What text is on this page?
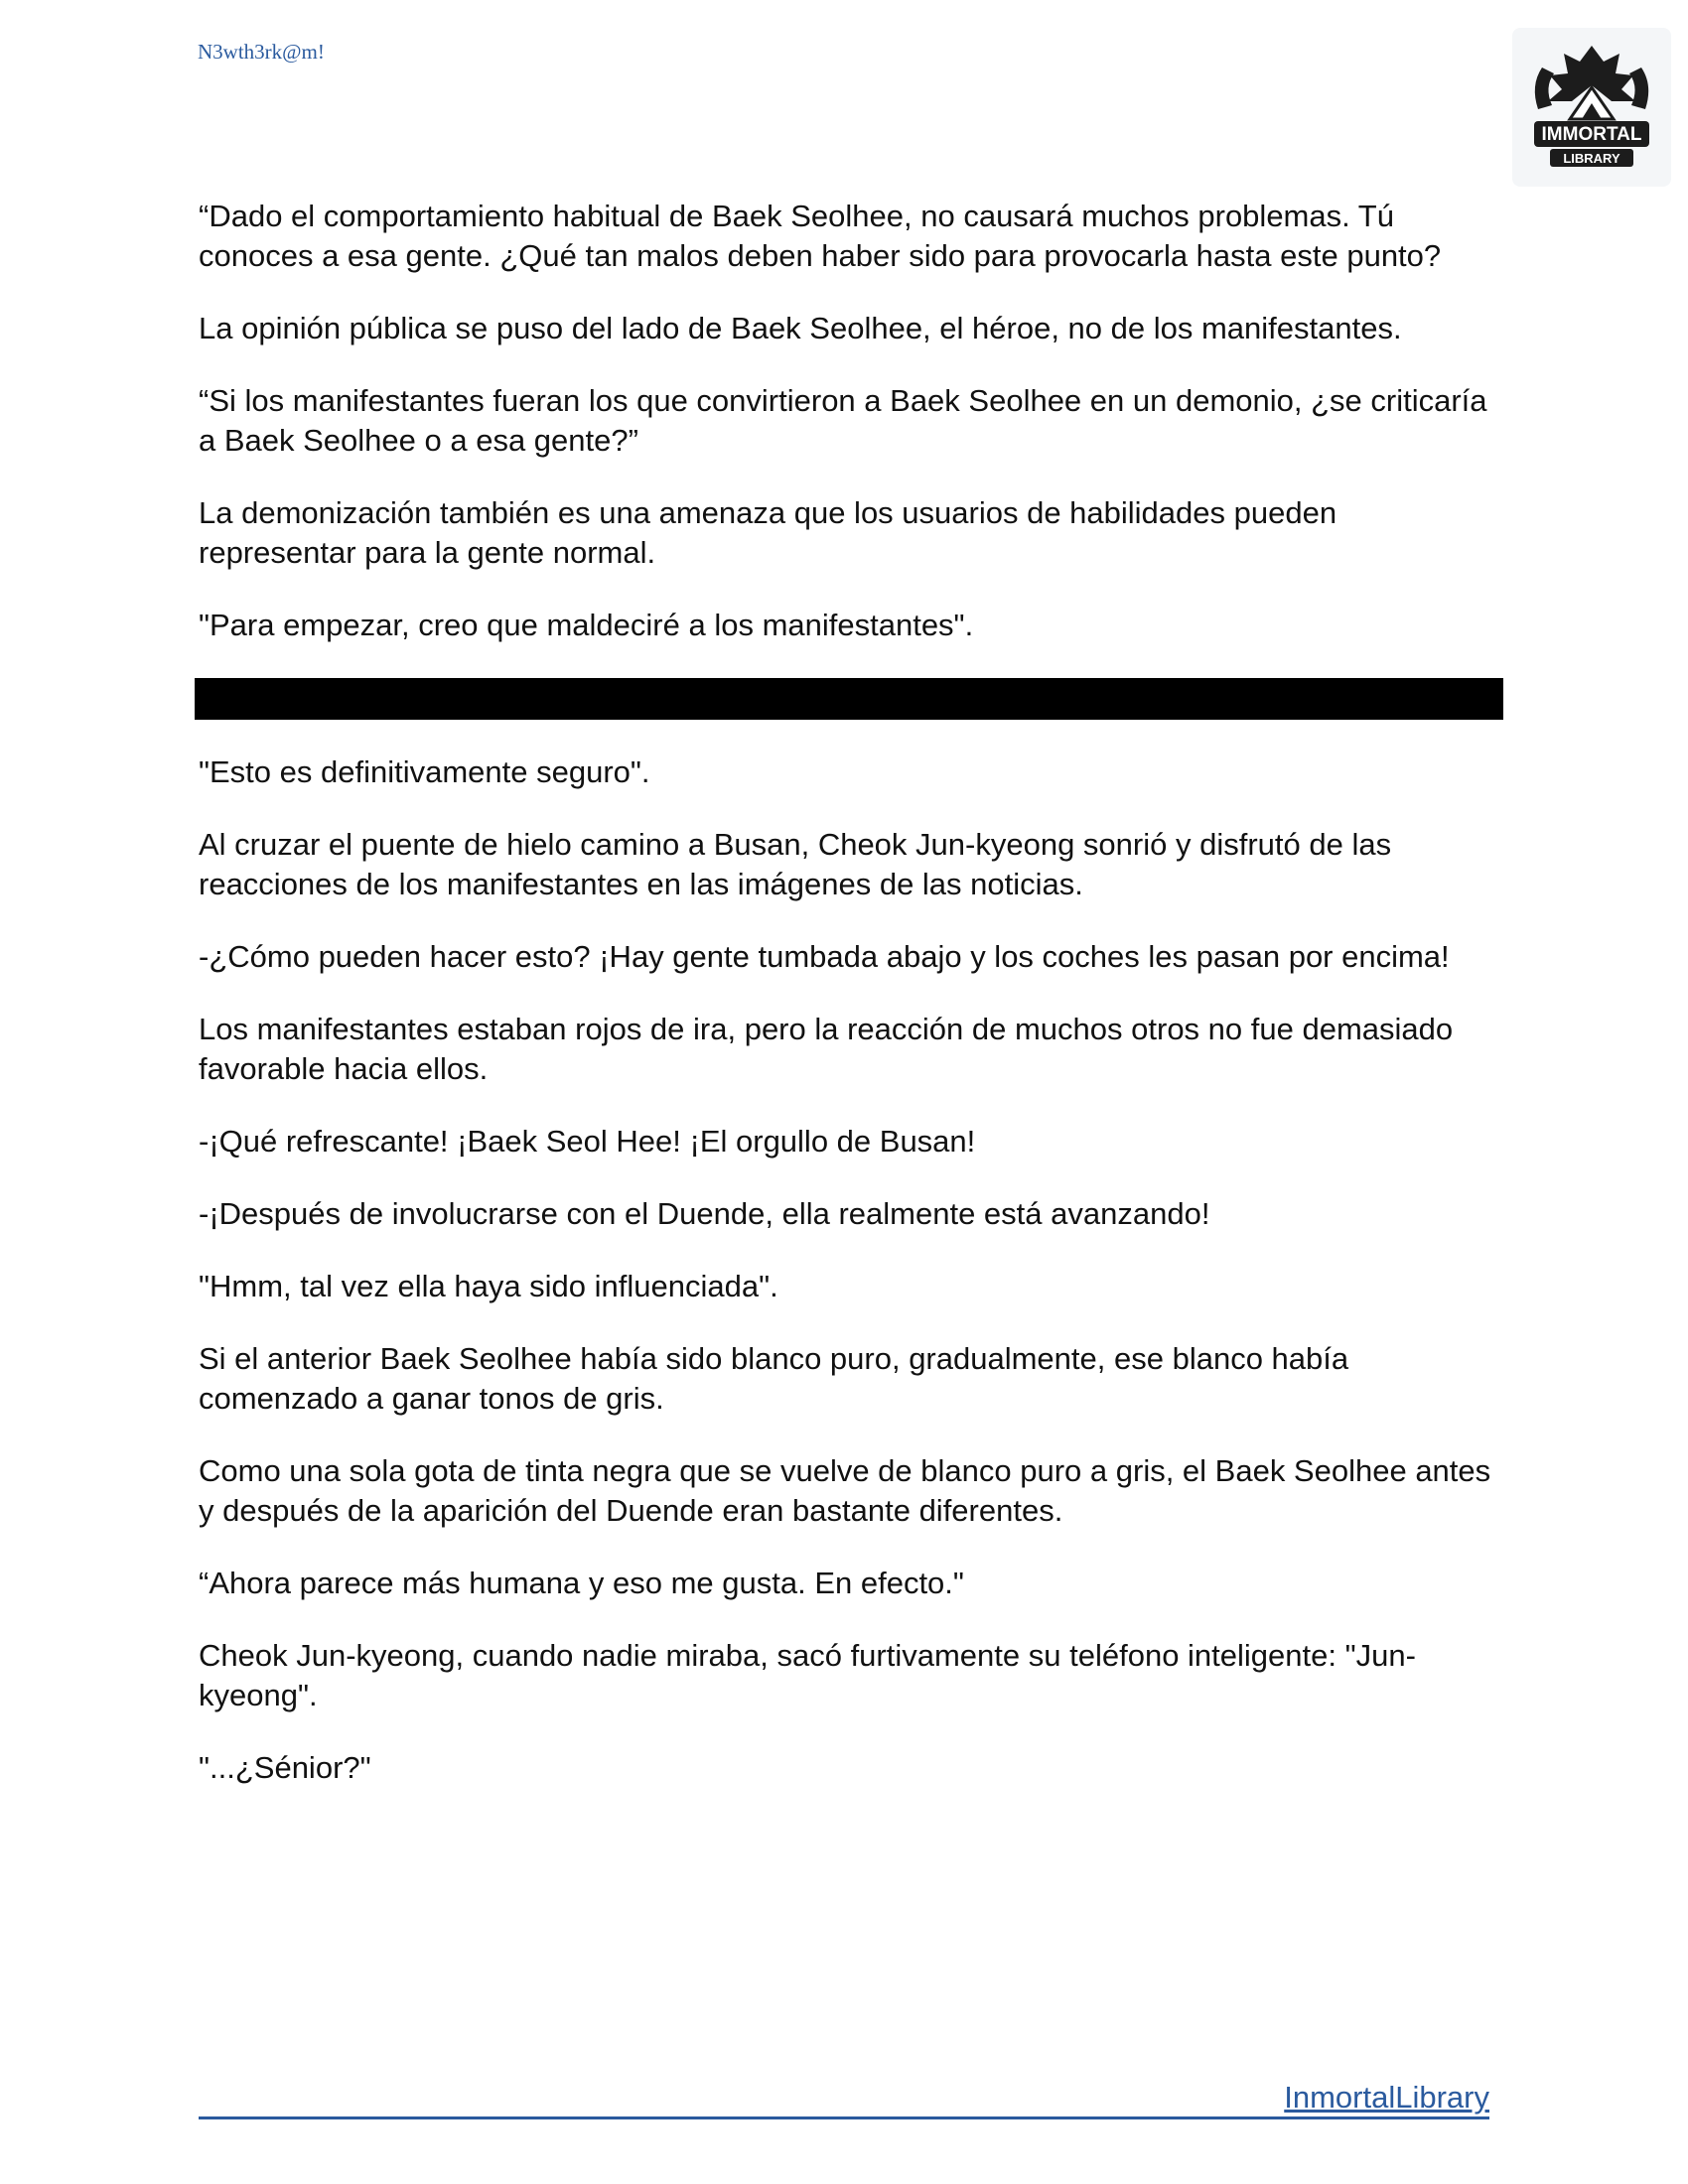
N3wth3rk@m!
IMMORTAL
LIBRARY

“Dado el comportamiento habitual de Baek Seolhee, no causará muchos problemas. Tú conoces a esa gente. ¿Qué tan malos deben haber sido para provocarla hasta este punto?

La opinión pública se puso del lado de Baek Seolhee, el héroe, no de los manifestantes.

“Si los manifestantes fueran los que convirtieron a Baek Seolhee en un demonio, ¿se criticaría a Baek Seolhee o a esa gente?”

La demonización también es una amenaza que los usuarios de habilidades pueden representar para la gente normal.

"Para empezar, creo que maldeciré a los manifestantes".

"Esto es definitivamente seguro".

Al cruzar el puente de hielo camino a Busan, Cheok Jun-kyeong sonrió y disfrutó de las reacciones de los manifestantes en las imágenes de las noticias.

-¿Cómo pueden hacer esto? ¡Hay gente tumbada abajo y los coches les pasan por encima!

Los manifestantes estaban rojos de ira, pero la reacción de muchos otros no fue demasiado favorable hacia ellos.

-¡Qué refrescante! ¡Baek Seol Hee! ¡El orgullo de Busan!

-¡Después de involucrarse con el Duende, ella realmente está avanzando!

"Hmm, tal vez ella haya sido influenciada".

Si el anterior Baek Seolhee había sido blanco puro, gradualmente, ese blanco había comenzado a ganar tonos de gris.

Como una sola gota de tinta negra que se vuelve de blanco puro a gris, el Baek Seolhee antes y después de la aparición del Duende eran bastante diferentes.

“Ahora parece más humana y eso me gusta. En efecto."

Cheok Jun-kyeong, cuando nadie miraba, sacó furtivamente su teléfono inteligente: "Jun-kyeong".

"...¿Sénior?"

InmortalLibrary
